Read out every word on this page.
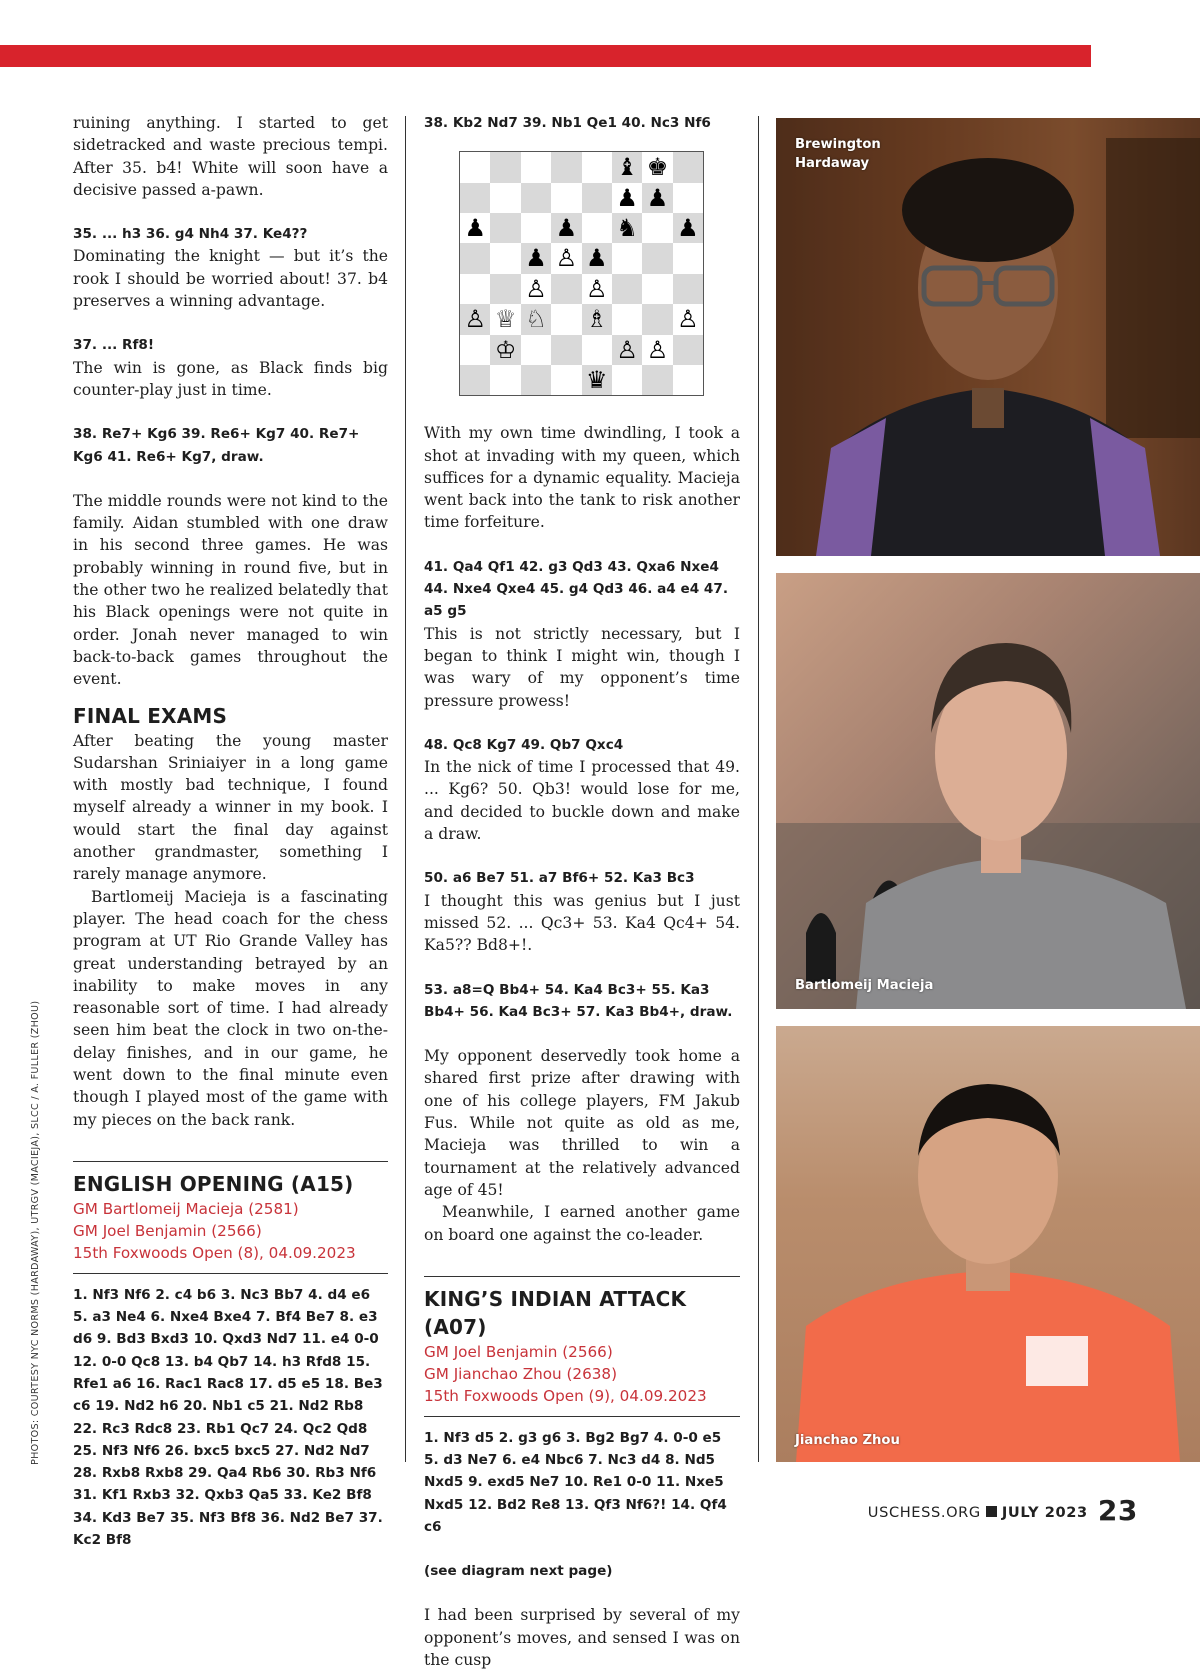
PHOTOS: COURTESY NYC NORMS (HARDAWAY), UTRGV (MACIEJA), SLCC / A. FULLER (ZHOU)

ruining anything. I started to get sidetracked and waste precious tempi. After 35. b4! White will soon have a decisive passed a-pawn.

35. ... h3 36. g4 Nh4 37. Ke4??

Dominating the knight — but it’s the rook I should be worried about! 37. b4 preserves a winning advantage.

37. ... Rf8!

The win is gone, as Black finds big counter-play just in time.

38. Re7+ Kg6 39. Re6+ Kg7 40. Re7+ Kg6 41. Re6+ Kg7, draw.

The middle rounds were not kind to the family. Aidan stumbled with one draw in his second three games. He was probably winning in round five, but in the other two he realized belatedly that his Black openings were not quite in order. Jonah never managed to win back-to-back games throughout the event.

FINAL EXAMS

After beating the young master Sudarshan Sriniaiyer in a long game with mostly bad technique, I found myself already a winner in my book. I would start the final day against another grandmaster, something I rarely manage anymore.

Bartlomeij Macieja is a fascinating player. The head coach for the chess program at UT Rio Grande Valley has great understanding betrayed by an inability to make moves in any reasonable sort of time. I had already seen him beat the clock in two on-the-delay finishes, and in our game, he went down to the final minute even though I played most of the game with my pieces on the back rank.

ENGLISH OPENING (A15)

GM Bartlomeij Macieja (2581)

GM Joel Benjamin (2566)

15th Foxwoods Open (8), 04.09.2023

1. Nf3 Nf6 2. c4 b6 3. Nc3 Bb7 4. d4 e6 5. a3 Ne4 6. Nxe4 Bxe4 7. Bf4 Be7 8. e3 d6 9. Bd3 Bxd3 10. Qxd3 Nd7 11. e4 0-0 12. 0-0 Qc8 13. b4 Qb7 14. h3 Rfd8 15. Rfe1 a6 16. Rac1 Rac8 17. d5 e5 18. Be3 c6 19. Nd2 h6 20. Nb1 c5 21. Nd2 Rb8 22. Rc3 Rdc8 23. Rb1 Qc7 24. Qc2 Qd8 25. Nf3 Nf6 26. bxc5 bxc5 27. Nd2 Nd7 28. Rxb8 Rxb8 29. Qa4 Rb6 30. Rb3 Nf6 31. Kf1 Rxb3 32. Qxb3 Qa5 33. Ke2 Bf8 34. Kd3 Be7 35. Nf3 Bf8 36. Nd2 Be7 37. Kc2 Bf8

38. Kb2 Nd7 39. Nb1 Qe1 40. Nc3 Nf6

♝ ♚
♟ ♟
♟	♟ ♞ ♟
♟ ♙ ♟
♙ ♙
♙ ♕ ♘ ♗	♙
♔	♙ ♙
♛

With my own time dwindling, I took a shot at invading with my queen, which suffices for a dynamic equality. Macieja went back into the tank to risk another time forfeiture.

41. Qa4 Qf1 42. g3 Qd3 43. Qxa6 Nxe4 44. Nxe4 Qxe4 45. g4 Qd3 46. a4 e4 47. a5 g5

This is not strictly necessary, but I began to think I might win, though I was wary of my opponent’s time pressure prowess!

48. Qc8 Kg7 49. Qb7 Qxc4

In the nick of time I processed that 49. ... Kg6? 50. Qb3! would lose for me, and decided to buckle down and make a draw.

50. a6 Be7 51. a7 Bf6+ 52. Ka3 Bc3

I thought this was genius but I just missed 52. ... Qc3+ 53. Ka4 Qc4+ 54. Ka5?? Bd8+!.

53. a8=Q Bb4+ 54. Ka4 Bc3+ 55. Ka3 Bb4+ 56. Ka4 Bc3+ 57. Ka3 Bb4+, draw.

My opponent deservedly took home a shared first prize after drawing with one of his college players, FM Jakub Fus. While not quite as old as me, Macieja was thrilled to win a tournament at the relatively advanced age of 45!

Meanwhile, I earned another game on board one against the co-leader.

KING’S INDIAN ATTACK (A07)

GM Joel Benjamin (2566)

GM Jianchao Zhou (2638)

15th Foxwoods Open (9), 04.09.2023

1. Nf3 d5 2. g3 g6 3. Bg2 Bg7 4. 0-0 e5 5. d3 Ne7 6. e4 Nbc6 7. Nc3 d4 8. Nd5 Nxd5 9. exd5 Ne7 10. Re1 0-0 11. Nxe5 Nxd5 12. Bd2 Re8 13. Qf3 Nf6?! 14. Qf4 c6

(see diagram next page)

I had been surprised by several of my opponent’s moves, and sensed I was on the cusp

Brewington Hardaway
Bartlomeij Macieja
Jianchao Zhou
USCHESS.ORG JULY 2023 23
